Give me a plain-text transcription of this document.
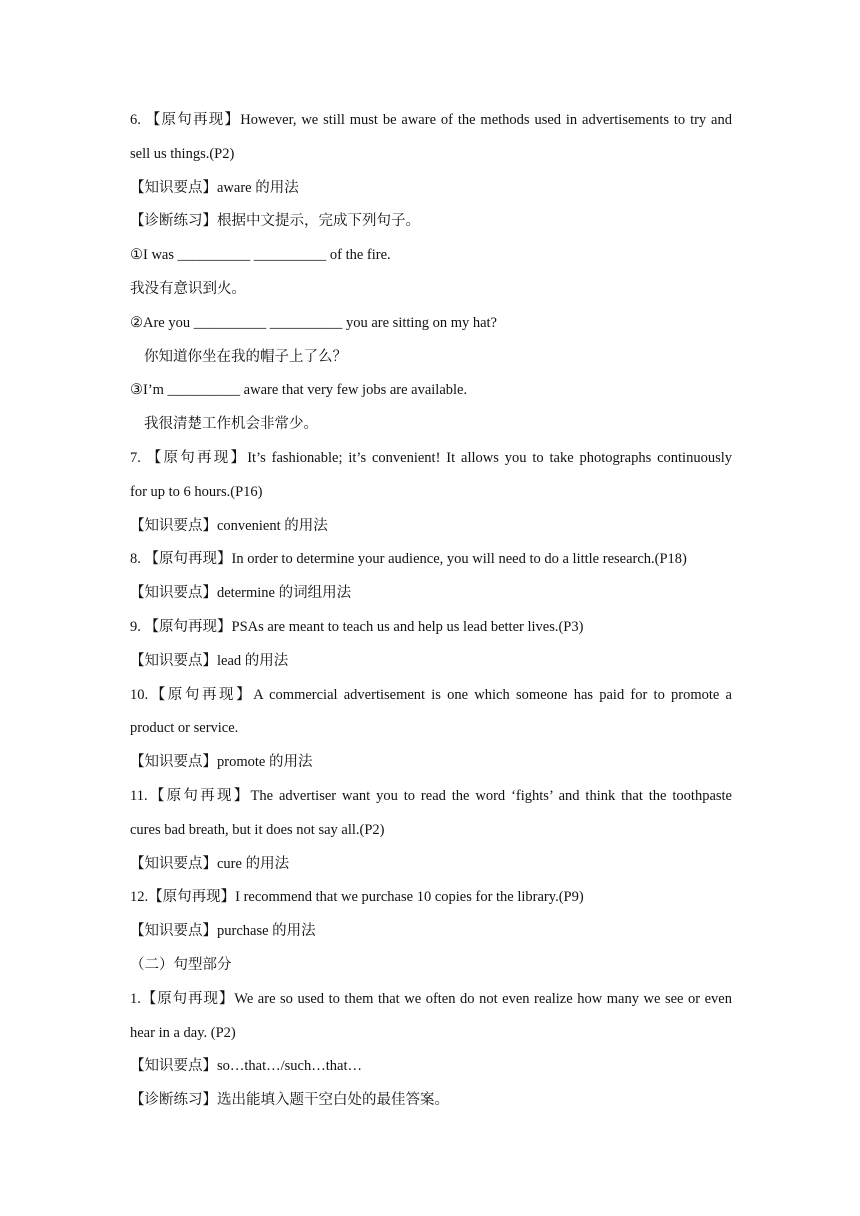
6. 【原句再现】However, we still must be aware of the methods used in advertisements to try and
sell us things.(P2)
【知识要点】aware 的用法
【诊断练习】根据中文提示，完成下列句子。
①I was __________ __________ of the fire.
我没有意识到火。
②Are you __________ __________ you are sitting on my hat?
你知道你坐在我的帽子上了么？
③I’m __________ aware that very few jobs are available.
我很清楚工作机会非常少。
7. 【原句再现】It’s fashionable; it’s convenient! It allows you to take photographs continuously
for up to 6 hours.(P16)
【知识要点】convenient 的用法
8. 【原句再现】In order to determine your audience, you will need to do a little research.(P18)
【知识要点】determine 的词组用法
9. 【原句再现】PSAs are meant to teach us and help us lead better lives.(P3)
【知识要点】lead 的用法
10.【原句再现】A commercial advertisement is one which someone has paid for to promote a
product or service.
【知识要点】promote 的用法
11.【原句再现】The advertiser want you to read the word ‘fights’ and think that the toothpaste
cures bad breath, but it does not say all.(P2)
【知识要点】cure 的用法
12.【原句再现】I recommend that we purchase 10 copies for the library.(P9)
【知识要点】purchase 的用法
（二）句型部分
1.【原句再现】We are so used to them that we often do not even realize how many we see or even
hear in a day. (P2)
【知识要点】so…that…/such…that…
【诊断练习】选出能填入题干空白处的最佳答案。
